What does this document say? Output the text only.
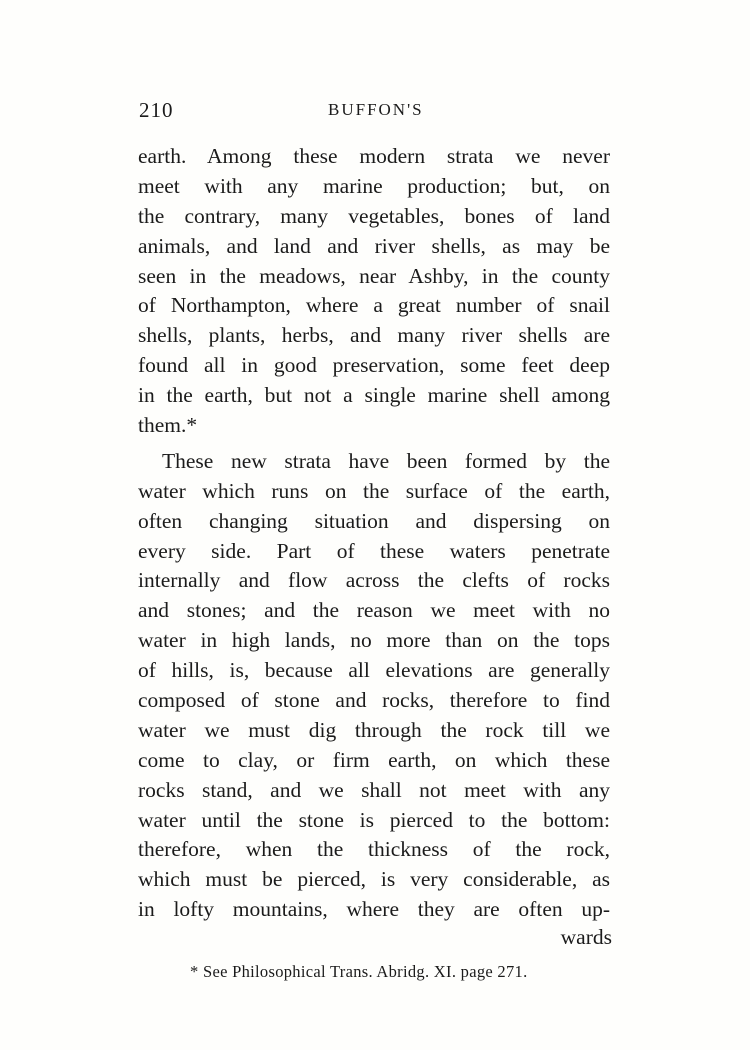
210	BUFFON'S
earth. Among these modern strata we never
meet with any marine production; but, on
the contrary, many vegetables, bones of land
animals, and land and river shells, as may be
seen in the meadows, near Ashby, in the county
of Northampton, where a great number of snail
shells, plants, herbs, and many river shells are
found all in good preservation, some feet deep
in the earth, but not a single marine shell among
them.*
These new strata have been formed by the
water which runs on the surface of the earth,
often changing situation and dispersing on
every side. Part of these waters penetrate
internally and flow across the clefts of rocks
and stones; and the reason we meet with no
water in high lands, no more than on the tops
of hills, is, because all elevations are generally
composed of stone and rocks, therefore to find
water we must dig through the rock till we
come to clay, or firm earth, on which these
rocks stand, and we shall not meet with any
water until the stone is pierced to the bottom:
therefore, when the thickness of the rock,
which must be pierced, is very considerable, as
in lofty mountains, where they are often up-
wards
* See Philosophical Trans. Abridg. XI. page 271.
